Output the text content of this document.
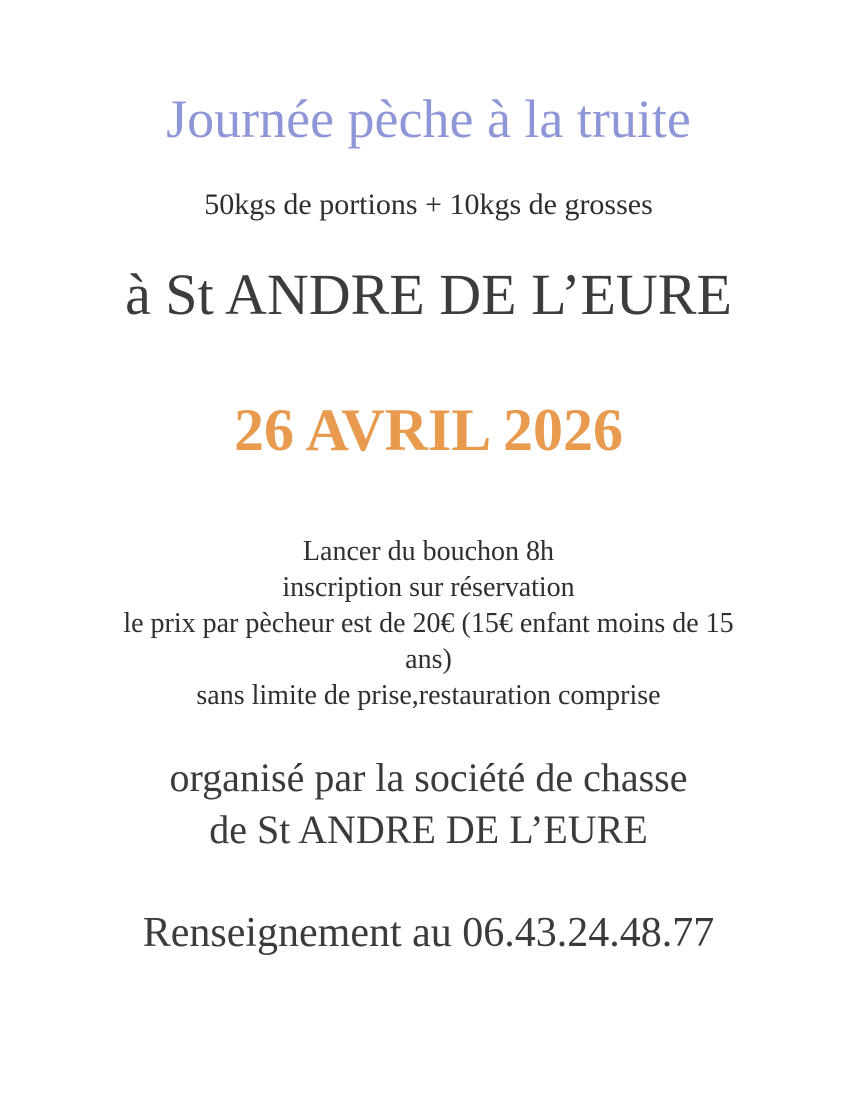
Journée pèche à la truite
50kgs de portions + 10kgs de grosses
à St ANDRE DE L’EURE
26 AVRIL 2026
Lancer du bouchon 8h
inscription sur réservation
le prix par pècheur est de 20€ (15€ enfant moins de 15
ans)
sans limite de prise,restauration comprise
organisé par la société de chasse
de St ANDRE DE L’EURE
Renseignement au 06.43.24.48.77
